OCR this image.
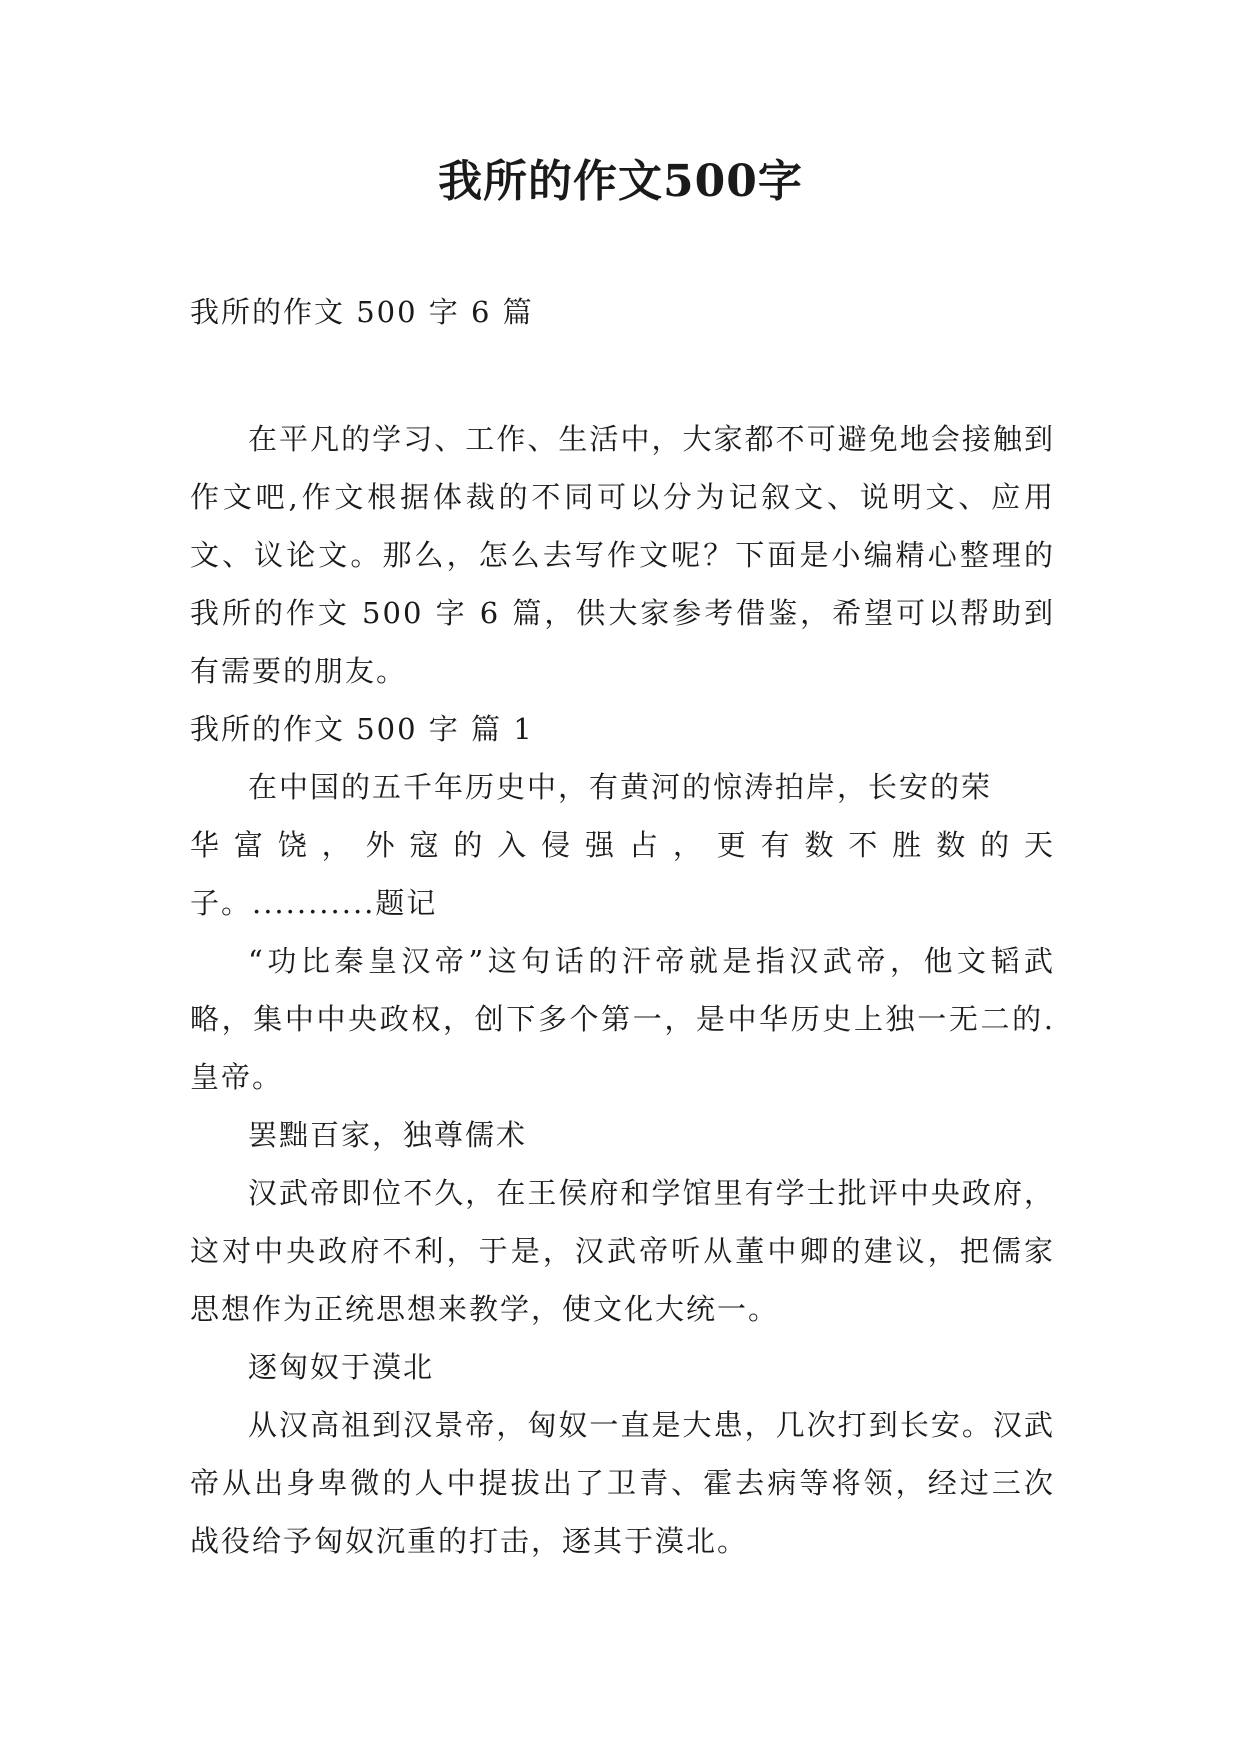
我所的作文500字
我所的作文 500 字 6 篇

在平凡的学习、工作、生活中，大家都不可避免地会接触到作文吧,作文根据体裁的不同可以分为记叙文、说明文、应用文、议论文。那么，怎么去写作文呢？下面是小编精心整理的我所的作文 500 字 6 篇，供大家参考借鉴，希望可以帮助到有需要的朋友。

我所的作文 500 字 篇 1

在中国的五千年历史中，有黄河的惊涛拍岸，长安的荣

华富饶，外寇的入侵强占，更有数不胜数的天

子。...........题记

“功比秦皇汉帝”这句话的汗帝就是指汉武帝，他文韬武略，集中中央政权，创下多个第一，是中华历史上独一无二的.皇帝。

罢黜百家，独尊儒术

汉武帝即位不久，在王侯府和学馆里有学士批评中央政府，这对中央政府不利，于是，汉武帝听从董中卿的建议，把儒家思想作为正统思想来教学，使文化大统一。

逐匈奴于漠北

从汉高祖到汉景帝，匈奴一直是大患，几次打到长安。汉武帝从出身卑微的人中提拔出了卫青、霍去病等将领，经过三次战役给予匈奴沉重的打击，逐其于漠北。
